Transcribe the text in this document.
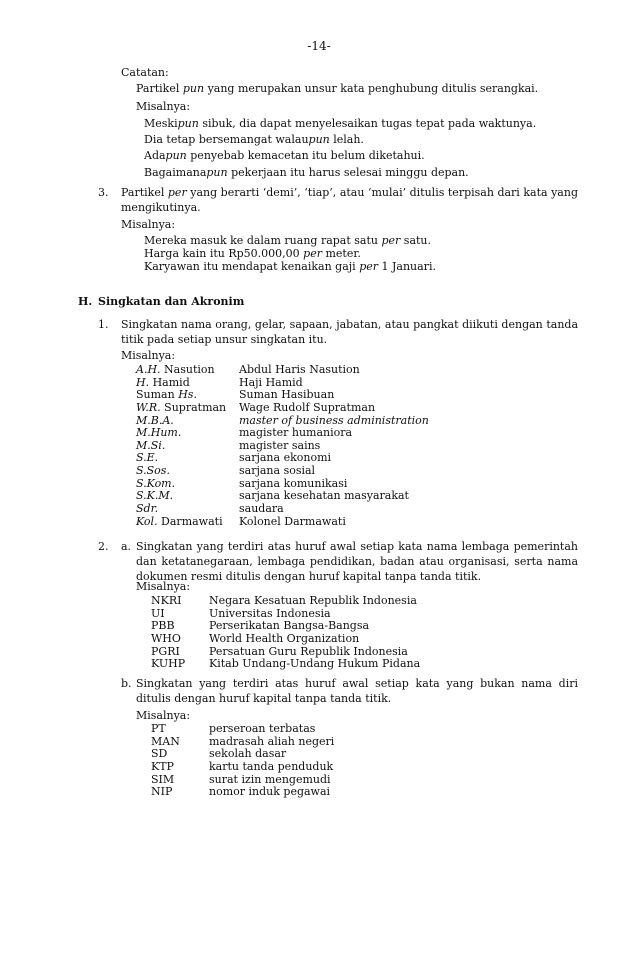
-14-
Catatan:
Partikel pun yang merupakan unsur kata penghubung ditulis serangkai.
Misalnya:
Meskipun sibuk, dia dapat menyelesaikan tugas tepat pada waktunya.
Dia tetap bersemangat walaupun lelah.
Adapun penyebab kemacetan itu belum diketahui.
Bagaimanapun pekerjaan itu harus selesai minggu depan.
3. Partikel per yang berarti ‘demi’, ‘tiap’, atau ‘mulai’ ditulis terpisah dari kata yang mengikutinya.
Misalnya:
Mereka masuk ke dalam ruang rapat satu per satu.
Harga kain itu Rp50.000,00 per meter.
Karyawan itu mendapat kenaikan gaji per 1 Januari.
H. Singkatan dan Akronim
1. Singkatan nama orang, gelar, sapaan, jabatan, atau pangkat diikuti dengan tanda titik pada setiap unsur singkatan itu.
Misalnya:
A.H. Nasution	Abdul Haris Nasution
H. Hamid	Haji Hamid
Suman Hs.	Suman Hasibuan
W.R. Supratman	Wage Rudolf Supratman
M.B.A.	master of business administration
M.Hum.	magister humaniora
M.Si.	magister sains
S.E.	sarjana ekonomi
S.Sos.	sarjana sosial
S.Kom.	sarjana komunikasi
S.K.M.	sarjana kesehatan masyarakat
Sdr.	saudara
Kol. Darmawati	Kolonel Darmawati
2. a. Singkatan yang terdiri atas huruf awal setiap kata nama lembaga pemerintah dan ketatanegaraan, lembaga pendidikan, badan atau organisasi, serta nama dokumen resmi ditulis dengan huruf kapital tanpa tanda titik.
Misalnya:
NKRI	Negara Kesatuan Republik Indonesia
UI	Universitas Indonesia
PBB	Perserikatan Bangsa-Bangsa
WHO	World Health Organization
PGRI	Persatuan Guru Republik Indonesia
KUHP	Kitab Undang-Undang Hukum Pidana
b. Singkatan yang terdiri atas huruf awal setiap kata yang bukan nama diri ditulis dengan huruf kapital tanpa tanda titik.
Misalnya:
PT	perseroan terbatas
MAN	madrasah aliah negeri
SD	sekolah dasar
KTP	kartu tanda penduduk
SIM	surat izin mengemudi
NIP	nomor induk pegawai
